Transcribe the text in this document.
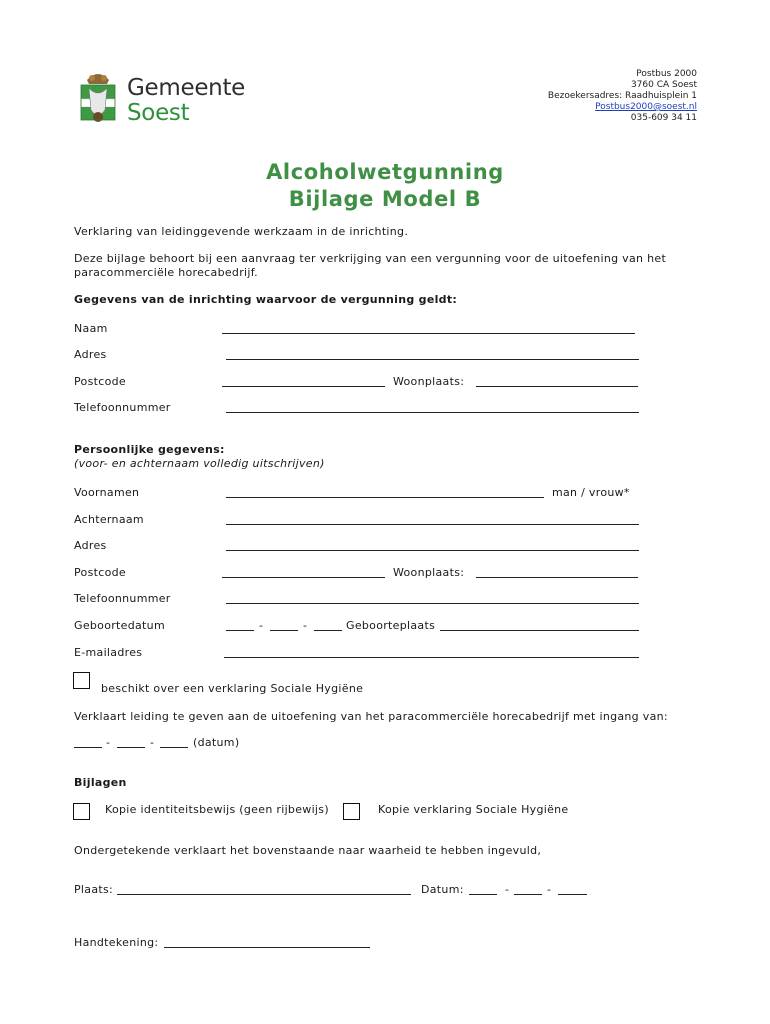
Gemeente
Soest
Postbus 2000
3760 CA Soest
Bezoekersadres: Raadhuisplein 1
Postbus2000@soest.nl
035-609 34 11
Alcoholwetgunning
Bijlage Model B
Verklaring van leidinggevende werkzaam in de inrichting.
Deze bijlage behoort bij een aanvraag ter verkrijging van een vergunning voor de uitoefening van het
paracommerciële horecabedrijf.
Gegevens van de inrichting waarvoor de vergunning geldt:
Naam
Adres
Postcode	Woonplaats:
Telefoonnummer
Persoonlijke gegevens:
(voor- en achternaam volledig uitschrijven)
Voornamen	man / vrouw*
Achternaam
Adres
Postcode	Woonplaats:
Telefoonnummer
Geboortedatum	-	-	Geboorteplaats
E-mailadres
beschikt over een verklaring Sociale Hygiëne
Verklaart leiding te geven aan de uitoefening van het paracommerciële horecabedrijf met ingang van:
-	-	(datum)
Bijlagen
Kopie identiteitsbewijs (geen rijbewijs)	Kopie verklaring Sociale Hygiëne
Ondergetekende verklaart het bovenstaande naar waarheid te hebben ingevuld,
Plaats:	Datum:	-	-
Handtekening:
